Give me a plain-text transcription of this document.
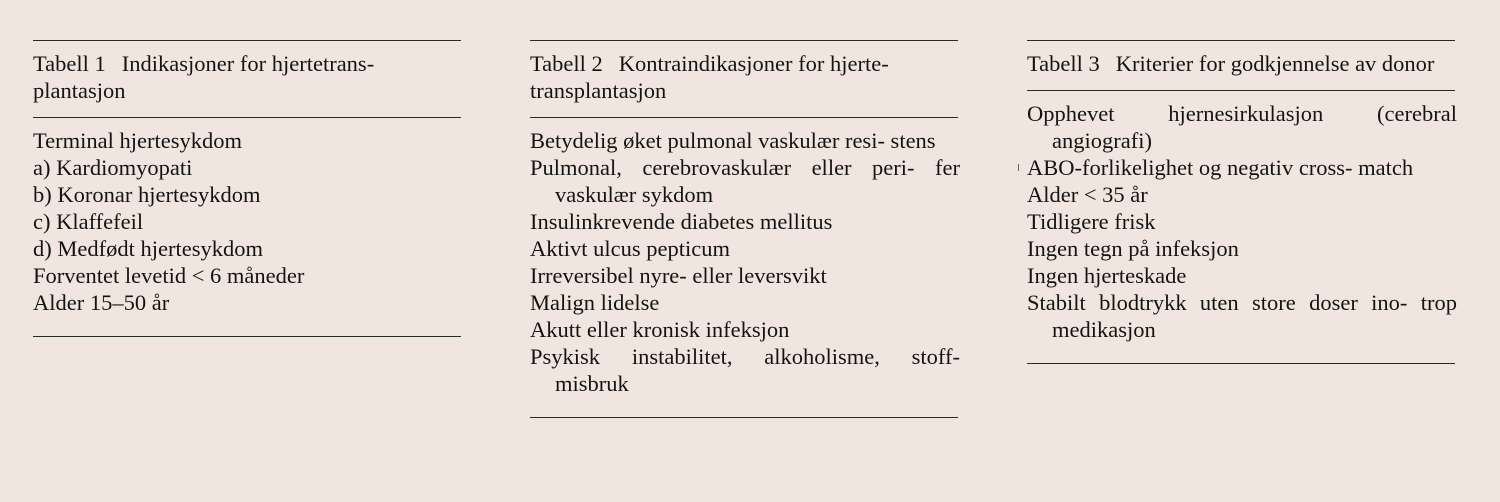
Tabell 1 Indikasjoner for hjertetrans- plantasjon
Terminal hjertesykdom
a) Kardiomyopati
b) Koronar hjertesykdom
c) Klaffefeil
d) Medfødt hjertesykdom
Forventet levetid < 6 måneder
Alder 15–50 år
Tabell 2 Kontraindikasjoner for hjerte- transplantasjon
Betydelig øket pulmonal vaskulær resi- stens
Pulmonal, cerebrovaskulær eller peri- fer vaskulær sykdom
Insulinkrevende diabetes mellitus
Aktivt ulcus pepticum
Irreversibel nyre- eller leversvikt
Malign lidelse
Akutt eller kronisk infeksjon
Psykisk instabilitet, alkoholisme, stoff- misbruk
Tabell 3 Kriterier for godkjennelse av donor
Opphevet hjernesirkulasjon (cerebral angiografi)
ABO-forlikelighet og negativ cross- match
Alder < 35 år
Tidligere frisk
Ingen tegn på infeksjon
Ingen hjerteskade
Stabilt blodtrykk uten store doser ino- trop medikasjon
